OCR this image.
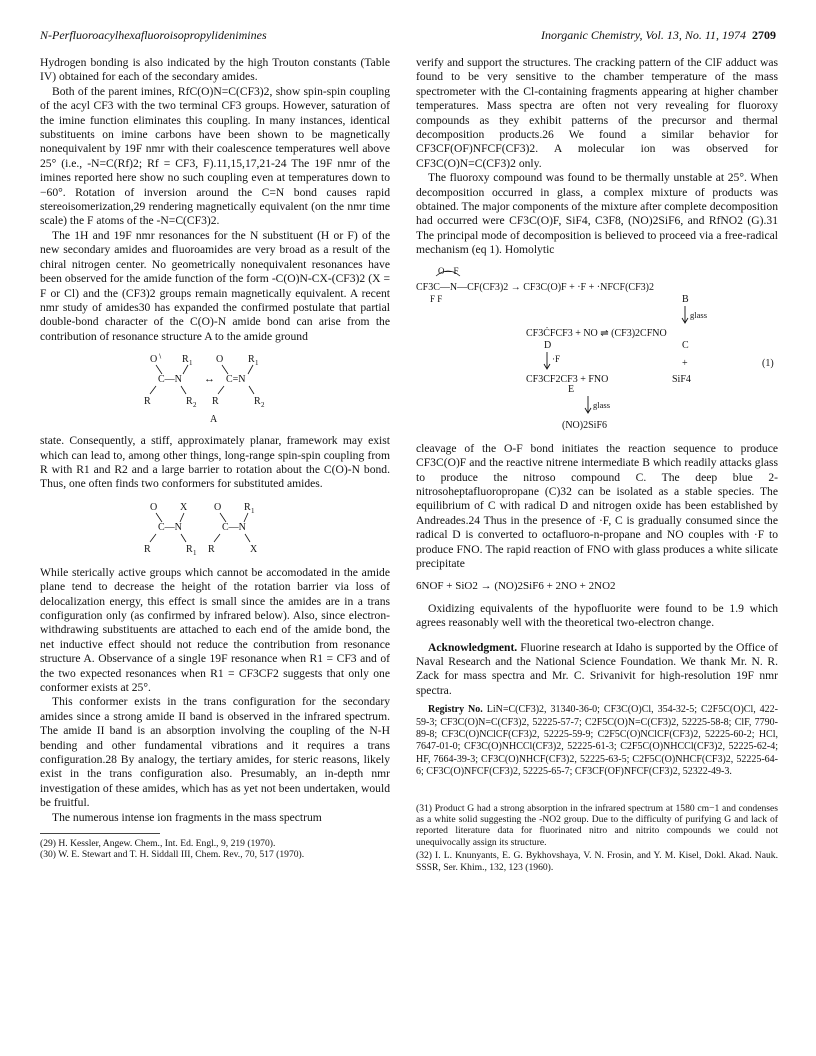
N-Perfluoroacylhexafluoroisopropylidenimines	Inorganic Chemistry, Vol. 13, No. 11, 1974 2709

Hydrogen bonding is also indicated by the high Trouton constants (Table IV) obtained for each of the secondary amides.

Both of the parent imines, RfC(O)N=C(CF3)2, show spin-spin coupling of the acyl CF3 with the two terminal CF3 groups. However, saturation of the imine function eliminates this coupling. In many instances, identical substituents on imine carbons have been shown to be magnetically nonequivalent by 19F nmr with their coalescence temperatures well above 25° (i.e., -N=C(Rf)2; Rf = CF3, F).11,15,17,21-24 The 19F nmr of the imines reported here show no such coupling even at temperatures down to −60°. Rotation of inversion around the C=N bond causes rapid stereoisomerization,29 rendering magnetically equivalent (on the nmr time scale) the F atoms of the -N=C(CF3)2.

The 1H and 19F nmr resonances for the N substituent (H or F) of the new secondary amides and fluoroamides are very broad as a result of the chiral nitrogen center. No geometrically nonequivalent resonances have been observed for the amide function of the form -C(O)N-CX-(CF3)2 (X = F or Cl) and the (CF3)2 groups remain magnetically equivalent. A recent nmr study of amides30 has expanded the confirmed postulate that partial double-bond character of the C(O)-N amide bond can arise from the contribution of resonance structure A to the amide ground

O ∖ R 1 O R 1
C—N ↔ C=N
R	R 2 R	R 2
A

state. Consequently, a stiff, approximately planar, framework may exist which can lead to, among other things, long-range spin-spin coupling from R with R1 and R2 and a large barrier to rotation about the C(O)-N bond. Thus, one often finds two conformers for substituted amides.

O X	O R 1
C—N	C—N
R	R 1 R	X

While sterically active groups which cannot be accomodated in the amide plane tend to decrease the height of the rotation barrier via loss of delocalization energy, this effect is small since the amides are in a trans configuration only (as confirmed by infrared below). Also, since electron-withdrawing substituents are attached to each end of the amide bond, the net inductive effect should not reduce the contribution from resonance structure A. Observance of a single 19F resonance when R1 = CF3 and of the two expected resonances when R1 = CF3CF2 suggests that only one conformer exists at 25°.

This conformer exists in the trans configuration for the secondary amides since a strong amide II band is observed in the infrared spectrum. The amide II band is an absorption involving the coupling of the N-H bending and other fundamental vibrations and it requires a trans configuration.28 By analogy, the tertiary amides, for steric reasons, likely exist in the trans configuration also. Presumably, an in-depth nmr investigation of these amides, which has as yet not been undertaken, would be fruitful.

The numerous intense ion fragments in the mass spectrum

(29) H. Kessler, Angew. Chem., Int. Ed. Engl., 9, 219 (1970).

(30) W. E. Stewart and T. H. Siddall III, Chem. Rev., 70, 517 (1970).

verify and support the structures. The cracking pattern of the ClF adduct was found to be very sensitive to the chamber temperature of the mass spectrometer with the Cl-containing fragments appearing at higher chamber temperatures. Mass spectra are often not very revealing for fluoroxy compounds as they exhibit patterns of the precursor and thermal decomposition products.26 We found a similar behavior for CF3CF(OF)NFCF(CF3)2. A molecular ion was observed for CF3C(O)N=C(CF3)2 only.

The fluoroxy compound was found to be thermally unstable at 25°. When decomposition occurred in glass, a complex mixture of products was obtained. The major components of the mixture after complete decomposition had occurred were CF3C(O)F, SiF4, C3F8, (NO)2SiF6, and RfNO2 (G).31 The principal mode of decomposition is believed to proceed via a free-radical mechanism (eq 1). Homolytic

O—F
CF3C—N—CF(CF3)2 → CF3C(O)F + ·F + ·NFCF(CF3)2
F F	B
glass
CF3ĊFCF3 + NO ⇌ (CF3)2CFNO
D	C
·F	+	(1)
CF3CF2CF3 + FNO	SiF4
E
glass
(NO)2SiF6

cleavage of the O-F bond initiates the reaction sequence to produce CF3C(O)F and the reactive nitrene intermediate B which readily attacks glass to produce the nitroso compound C. The deep blue 2-nitrosoheptafluoropropane (C)32 can be isolated as a stable species. The equilibrium of C with radical D and nitrogen oxide has been established by Andreades.24 Thus in the presence of ·F, C is gradually consumed since the radical D is converted to octafluoro-n-propane and NO couples with ·F to produce FNO. The rapid reaction of FNO with glass produces a white silicate precipitate

6NOF + SiO2 → (NO)2SiF6 + 2NO + 2NO2

Oxidizing equivalents of the hypofluorite were found to be 1.9 which agrees reasonably well with the theoretical two-electron change.

Acknowledgment. Fluorine research at Idaho is supported by the Office of Naval Research and the National Science Foundation. We thank Mr. N. R. Zack for mass spectra and Mr. C. Srivanivit for high-resolution 19F nmr spectra.

Registry No. LiN=C(CF3)2, 31340-36-0; CF3C(O)Cl, 354-32-5; C2F5C(O)Cl, 422-59-3; CF3C(O)N=C(CF3)2, 52225-57-7; C2F5C(O)N=C(CF3)2, 52225-58-8; ClF, 7790-89-8; CF3C(O)NClCF(CF3)2, 52225-59-9; C2F5C(O)NClCF(CF3)2, 52225-60-2; HCl, 7647-01-0; CF3C(O)NHCCl(CF3)2, 52225-61-3; C2F5C(O)NHCCl(CF3)2, 52225-62-4; HF, 7664-39-3; CF3C(O)NHCF(CF3)2, 52225-63-5; C2F5C(O)NHCF(CF3)2, 52225-64-6; CF3C(O)NFCF(CF3)2, 52225-65-7; CF3CF(OF)NFCF(CF3)2, 52322-49-3.

(31) Product G had a strong absorption in the infrared spectrum at 1580 cm−1 and condenses as a white solid suggesting the -NO2 group. Due to the difficulty of purifying G and lack of reported literature data for fluorinated nitro and nitrito compounds we could not unequivocally assign its structure.

(32) I. L. Knunyants, E. G. Bykhovshaya, V. N. Frosin, and Y. M. Kisel, Dokl. Akad. Nauk. SSSR, Ser. Khim., 132, 123 (1960).
